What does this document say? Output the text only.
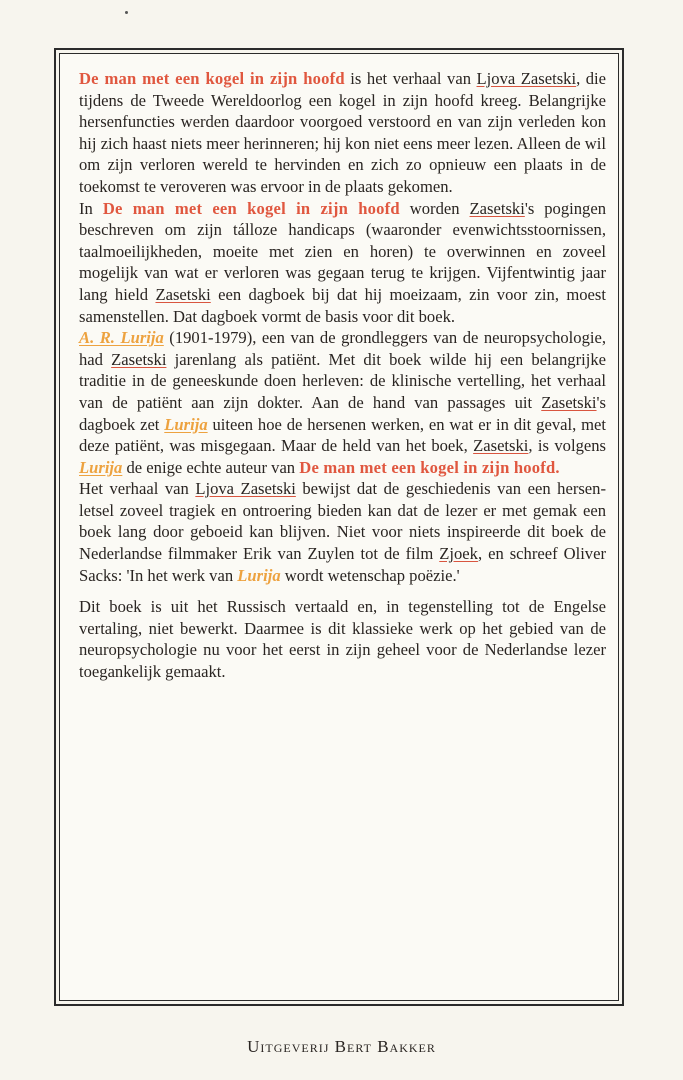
De man met een kogel in zijn hoofd is het verhaal van Ljova Zasetski, die tijdens de Tweede Wereldoorlog een kogel in zijn hoofd kreeg. Belangrijke hersenfuncties werden daardoor voorgoed verstoord en van zijn verleden kon hij zich haast niets meer herinneren; hij kon niet eens meer lezen. Alleen de wil om zijn verloren wereld te hervinden en zich zo opnieuw een plaats in de toekomst te veroveren was ervoor in de plaats gekomen.

In De man met een kogel in zijn hoofd worden Zasetski's pogingen beschreven om zijn tálloze handicaps (waaronder evenwichtsstoornissen, taalmoeilijkheden, moeite met zien en horen) te overwinnen en zoveel mogelijk van wat er verloren was gegaan terug te krijgen. Vijfentwintig jaar lang hield Zasetski een dagboek bij dat hij moeizaam, zin voor zin, moest samenstellen. Dat dagboek vormt de basis voor dit boek.

A. R. Lurija (1901-1979), een van de grondleggers van de neuropsychologie, had Zasetski jarenlang als patiënt. Met dit boek wilde hij een belangrijke traditie in de geneeskunde doen herleven: de klinische vertelling, het verhaal van de patiënt aan zijn dokter. Aan de hand van passages uit Zasetski's dagboek zet Lurija uiteen hoe de hersenen werken, en wat er in dit geval, met deze patiënt, was misgegaan. Maar de held van het boek, Zasetski, is volgens Lurija de enige echte auteur van De man met een kogel in zijn hoofd.

Het verhaal van Ljova Zasetski bewijst dat de geschiedenis van een hersenletsel zoveel tragiek en ontroering bieden kan dat de lezer er met gemak een boek lang door geboeid kan blijven. Niet voor niets inspireerde dit boek de Nederlandse filmmaker Erik van Zuylen tot de film Zjoek, en schreef Oliver Sacks: 'In het werk van Lurija wordt wetenschap poëzie.'

Dit boek is uit het Russisch vertaald en, in tegenstelling tot de Engelse vertaling, niet bewerkt. Daarmee is dit klassieke werk op het gebied van de neuropsychologie nu voor het eerst in zijn geheel voor de Nederlandse lezer toegankelijk gemaakt.

Uitgeverij Bert Bakker
